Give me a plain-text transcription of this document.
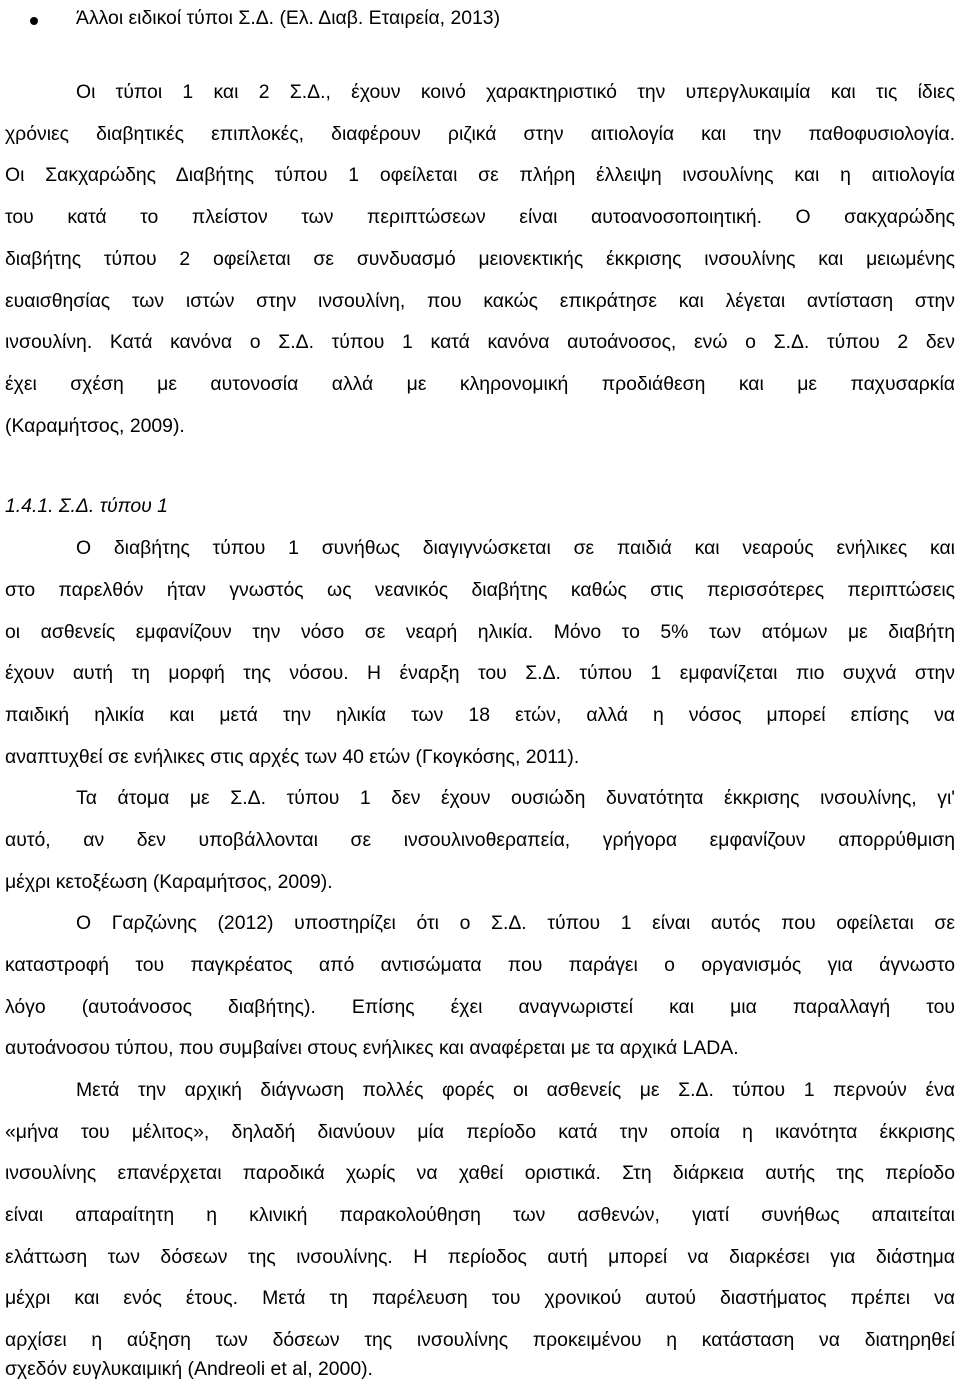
Άλλοι ειδικοί τύποι Σ.Δ. (Ελ. Διαβ. Εταιρεία, 2013)
Οι τύποι 1 και 2 Σ.Δ., έχουν κοινό χαρακτηριστικό την υπεργλυκαιμία και τις ίδιες
χρόνιες διαβητικές επιπλοκές, διαφέρουν ριζικά στην αιτιολογία και την παθοφυσιολογία.
Οι Σακχαρώδης Διαβήτης τύπου 1 οφείλεται σε πλήρη έλλειψη ινσουλίνης και η αιτιολογία
του κατά το πλείστον των περιπτώσεων είναι αυτοανοσοποιητική. Ο σακχαρώδης
διαβήτης τύπου 2 οφείλεται σε συνδυασμό μειονεκτικής έκκρισης ινσουλίνης και μειωμένης
ευαισθησίας των ιστών στην ινσουλίνη, που κακώς επικράτησε και λέγεται αντίσταση στην
ινσουλίνη. Κατά κανόνα ο Σ.Δ. τύπου 1 κατά κανόνα αυτοάνοσος, ενώ ο Σ.Δ. τύπου 2 δεν
έχει σχέση με αυτονοσία αλλά με κληρονομική προδιάθεση και με παχυσαρκία
(Καραμήτσος, 2009).
1.4.1. Σ.Δ. τύπου 1
Ο διαβήτης τύπου 1 συνήθως διαγιγνώσκεται σε παιδιά και νεαρούς ενήλικες και
στο παρελθόν ήταν γνωστός ως νεανικός διαβήτης καθώς στις περισσότερες περιπτώσεις
οι ασθενείς εμφανίζουν την νόσο σε νεαρή ηλικία. Μόνο το 5% των ατόμων με διαβήτη
έχουν αυτή τη μορφή της νόσου. Η έναρξη του Σ.Δ. τύπου 1 εμφανίζεται πιο συχνά στην
παιδική ηλικία και μετά την ηλικία των 18 ετών, αλλά η νόσος μπορεί επίσης να
αναπτυχθεί σε ενήλικες στις αρχές των 40 ετών (Γκογκόσης, 2011).
Τα άτομα με Σ.Δ. τύπου 1 δεν έχουν ουσιώδη δυνατότητα έκκρισης ινσουλίνης, γι'
αυτό, αν δεν υποβάλλονται σε ινσουλινοθεραπεία, γρήγορα εμφανίζουν απορρύθμιση
μέχρι κετοξέωση (Καραμήτσος, 2009).
Ο Γαρζώνης (2012) υποστηρίζει ότι ο Σ.Δ. τύπου 1 είναι αυτός που οφείλεται σε
καταστροφή του παγκρέατος από αντισώματα που παράγει ο οργανισμός για άγνωστο
λόγο (αυτοάνοσος διαβήτης). Επίσης έχει αναγνωριστεί και μια παραλλαγή του
αυτοάνοσου τύπου, που συμβαίνει στους ενήλικες και αναφέρεται με τα αρχικά LADA.
Μετά την αρχική διάγνωση πολλές φορές οι ασθενείς με Σ.Δ. τύπου 1 περνούν ένα
«μήνα του μέλιτος», δηλαδή διανύουν μία περίοδο κατά την οποία η ικανότητα έκκρισης
ινσουλίνης επανέρχεται παροδικά χωρίς να χαθεί οριστικά. Στη διάρκεια αυτής της περίοδο
είναι απαραίτητη η κλινική παρακολούθηση των ασθενών, γιατί συνήθως απαιτείται
ελάττωση των δόσεων της ινσουλίνης. Η περίοδος αυτή μπορεί να διαρκέσει για διάστημα
μέχρι και ενός έτους. Μετά τη παρέλευση του χρονικού αυτού διαστήματος πρέπει να
αρχίσει η αύξηση των δόσεων της ινσουλίνης προκειμένου η κατάσταση να διατηρηθεί
σχεδόν ευγλυκαιμική (Andreoli et al, 2000).
